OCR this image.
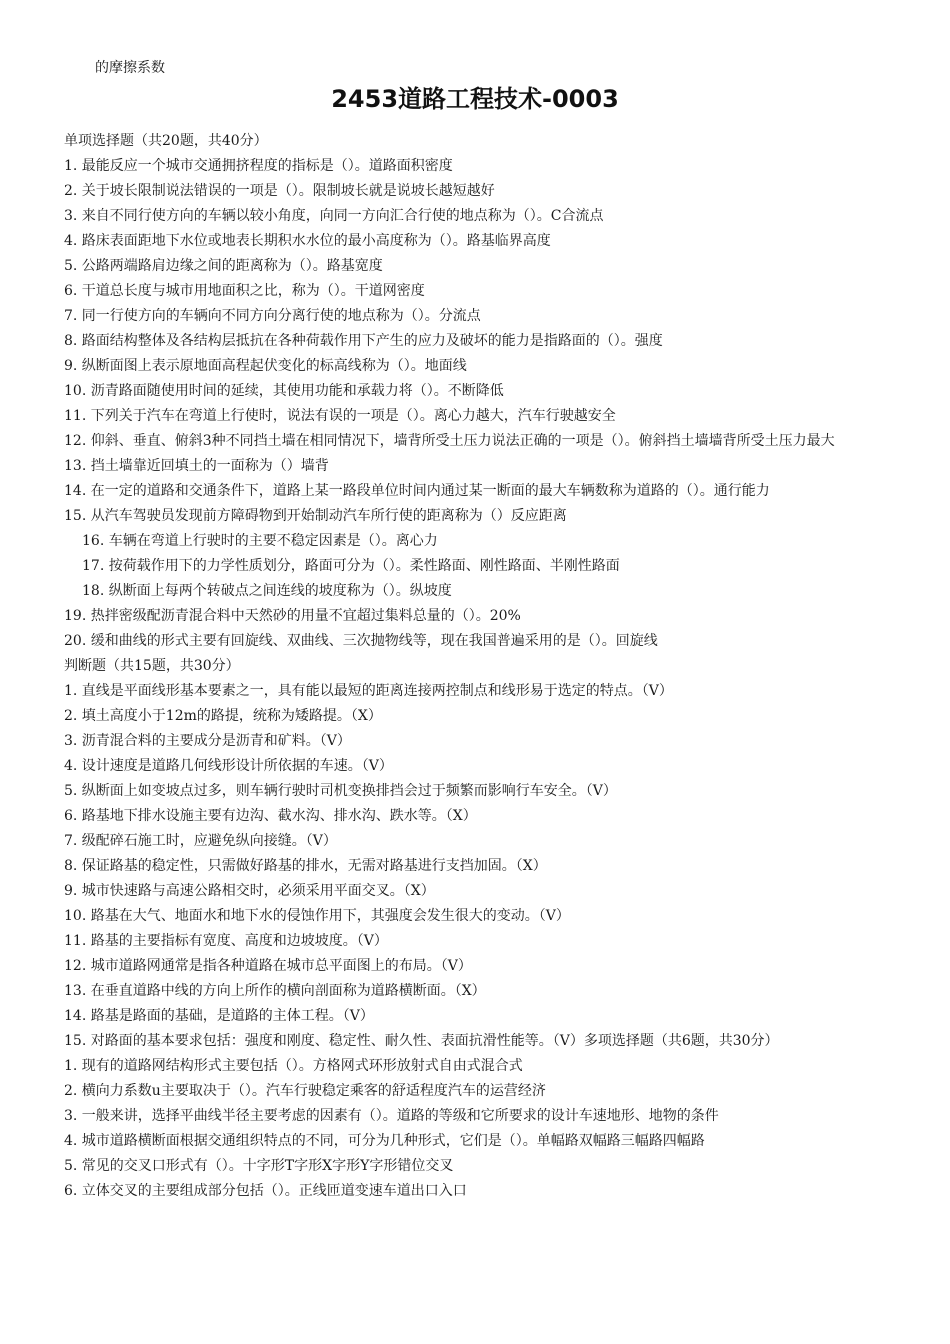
的摩擦系数
2453道路工程技术-0003
单项选择题（共20题，共40分）
1. 最能反应一个城市交通拥挤程度的指标是（）。道路面积密度
2. 关于坡长限制说法错误的一项是（）。限制坡长就是说坡长越短越好
3. 来自不同行使方向的车辆以较小角度，向同一方向汇合行使的地点称为（）。C合流点
4. 路床表面距地下水位或地表长期积水水位的最小高度称为（）。路基临界高度
5. 公路两端路肩边缘之间的距离称为（）。路基宽度
6. 干道总长度与城市用地面积之比，称为（）。干道网密度
7. 同一行使方向的车辆向不同方向分离行使的地点称为（）。分流点
8. 路面结构整体及各结构层抵抗在各种荷载作用下产生的应力及破坏的能力是指路面的（）。强度
9. 纵断面图上表示原地面高程起伏变化的标高线称为（）。地面线
10. 沥青路面随使用时间的延续，其使用功能和承载力将（）。不断降低
11. 下列关于汽车在弯道上行使时，说法有误的一项是（）。离心力越大，汽车行驶越安全
12. 仰斜、垂直、俯斜3种不同挡土墙在相同情况下，墙背所受土压力说法正确的一项是（）。俯斜挡土墙墙背所受土压力最大
13. 挡土墙靠近回填土的一面称为（）墙背
14. 在一定的道路和交通条件下，道路上某一路段单位时间内通过某一断面的最大车辆数称为道路的（）。通行能力
15. 从汽车驾驶员发现前方障碍物到开始制动汽车所行使的距离称为（）反应距离
16. 车辆在弯道上行驶时的主要不稳定因素是（）。离心力
17. 按荷载作用下的力学性质划分，路面可分为（）。柔性路面、刚性路面、半刚性路面
18. 纵断面上每两个转破点之间连线的坡度称为（）。纵坡度
19. 热拌密级配沥青混合料中天然砂的用量不宜超过集料总量的（）。20%
20. 缓和曲线的形式主要有回旋线、双曲线、三次抛物线等，现在我国普遍采用的是（）。回旋线
判断题（共15题，共30分）
1. 直线是平面线形基本要素之一，具有能以最短的距离连接两控制点和线形易于选定的特点。（V）
2. 填土高度小于12m的路提，统称为矮路提。（X）
3. 沥青混合料的主要成分是沥青和矿料。（V）
4. 设计速度是道路几何线形设计所依据的车速。（V）
5. 纵断面上如变坡点过多，则车辆行驶时司机变换排挡会过于频繁而影响行车安全。（V）
6. 路基地下排水设施主要有边沟、截水沟、排水沟、跌水等。（X）
7. 级配碎石施工时，应避免纵向接缝。（V）
8. 保证路基的稳定性，只需做好路基的排水，无需对路基进行支挡加固。（X）
9. 城市快速路与高速公路相交时，必须采用平面交叉。（X）
10. 路基在大气、地面水和地下水的侵蚀作用下，其强度会发生很大的变动。（V）
11. 路基的主要指标有宽度、高度和边坡坡度。（V）
12. 城市道路网通常是指各种道路在城市总平面图上的布局。（V）
13. 在垂直道路中线的方向上所作的横向剖面称为道路横断面。（X）
14. 路基是路面的基础，是道路的主体工程。（V）
15. 对路面的基本要求包括：强度和刚度、稳定性、耐久性、表面抗滑性能等。（V）多项选择题（共6题，共30分）
1. 现有的道路网结构形式主要包括（）。方格网式环形放射式自由式混合式
2. 横向力系数u主要取决于（）。汽车行驶稳定乘客的舒适程度汽车的运营经济
3. 一般来讲，选择平曲线半径主要考虑的因素有（）。道路的等级和它所要求的设计车速地形、地物的条件
4. 城市道路横断面根据交通组织特点的不同，可分为几种形式，它们是（）。单幅路双幅路三幅路四幅路
5. 常见的交叉口形式有（）。十字形T字形X字形Y字形错位交叉
6. 立体交叉的主要组成部分包括（）。正线匝道变速车道出口入口
